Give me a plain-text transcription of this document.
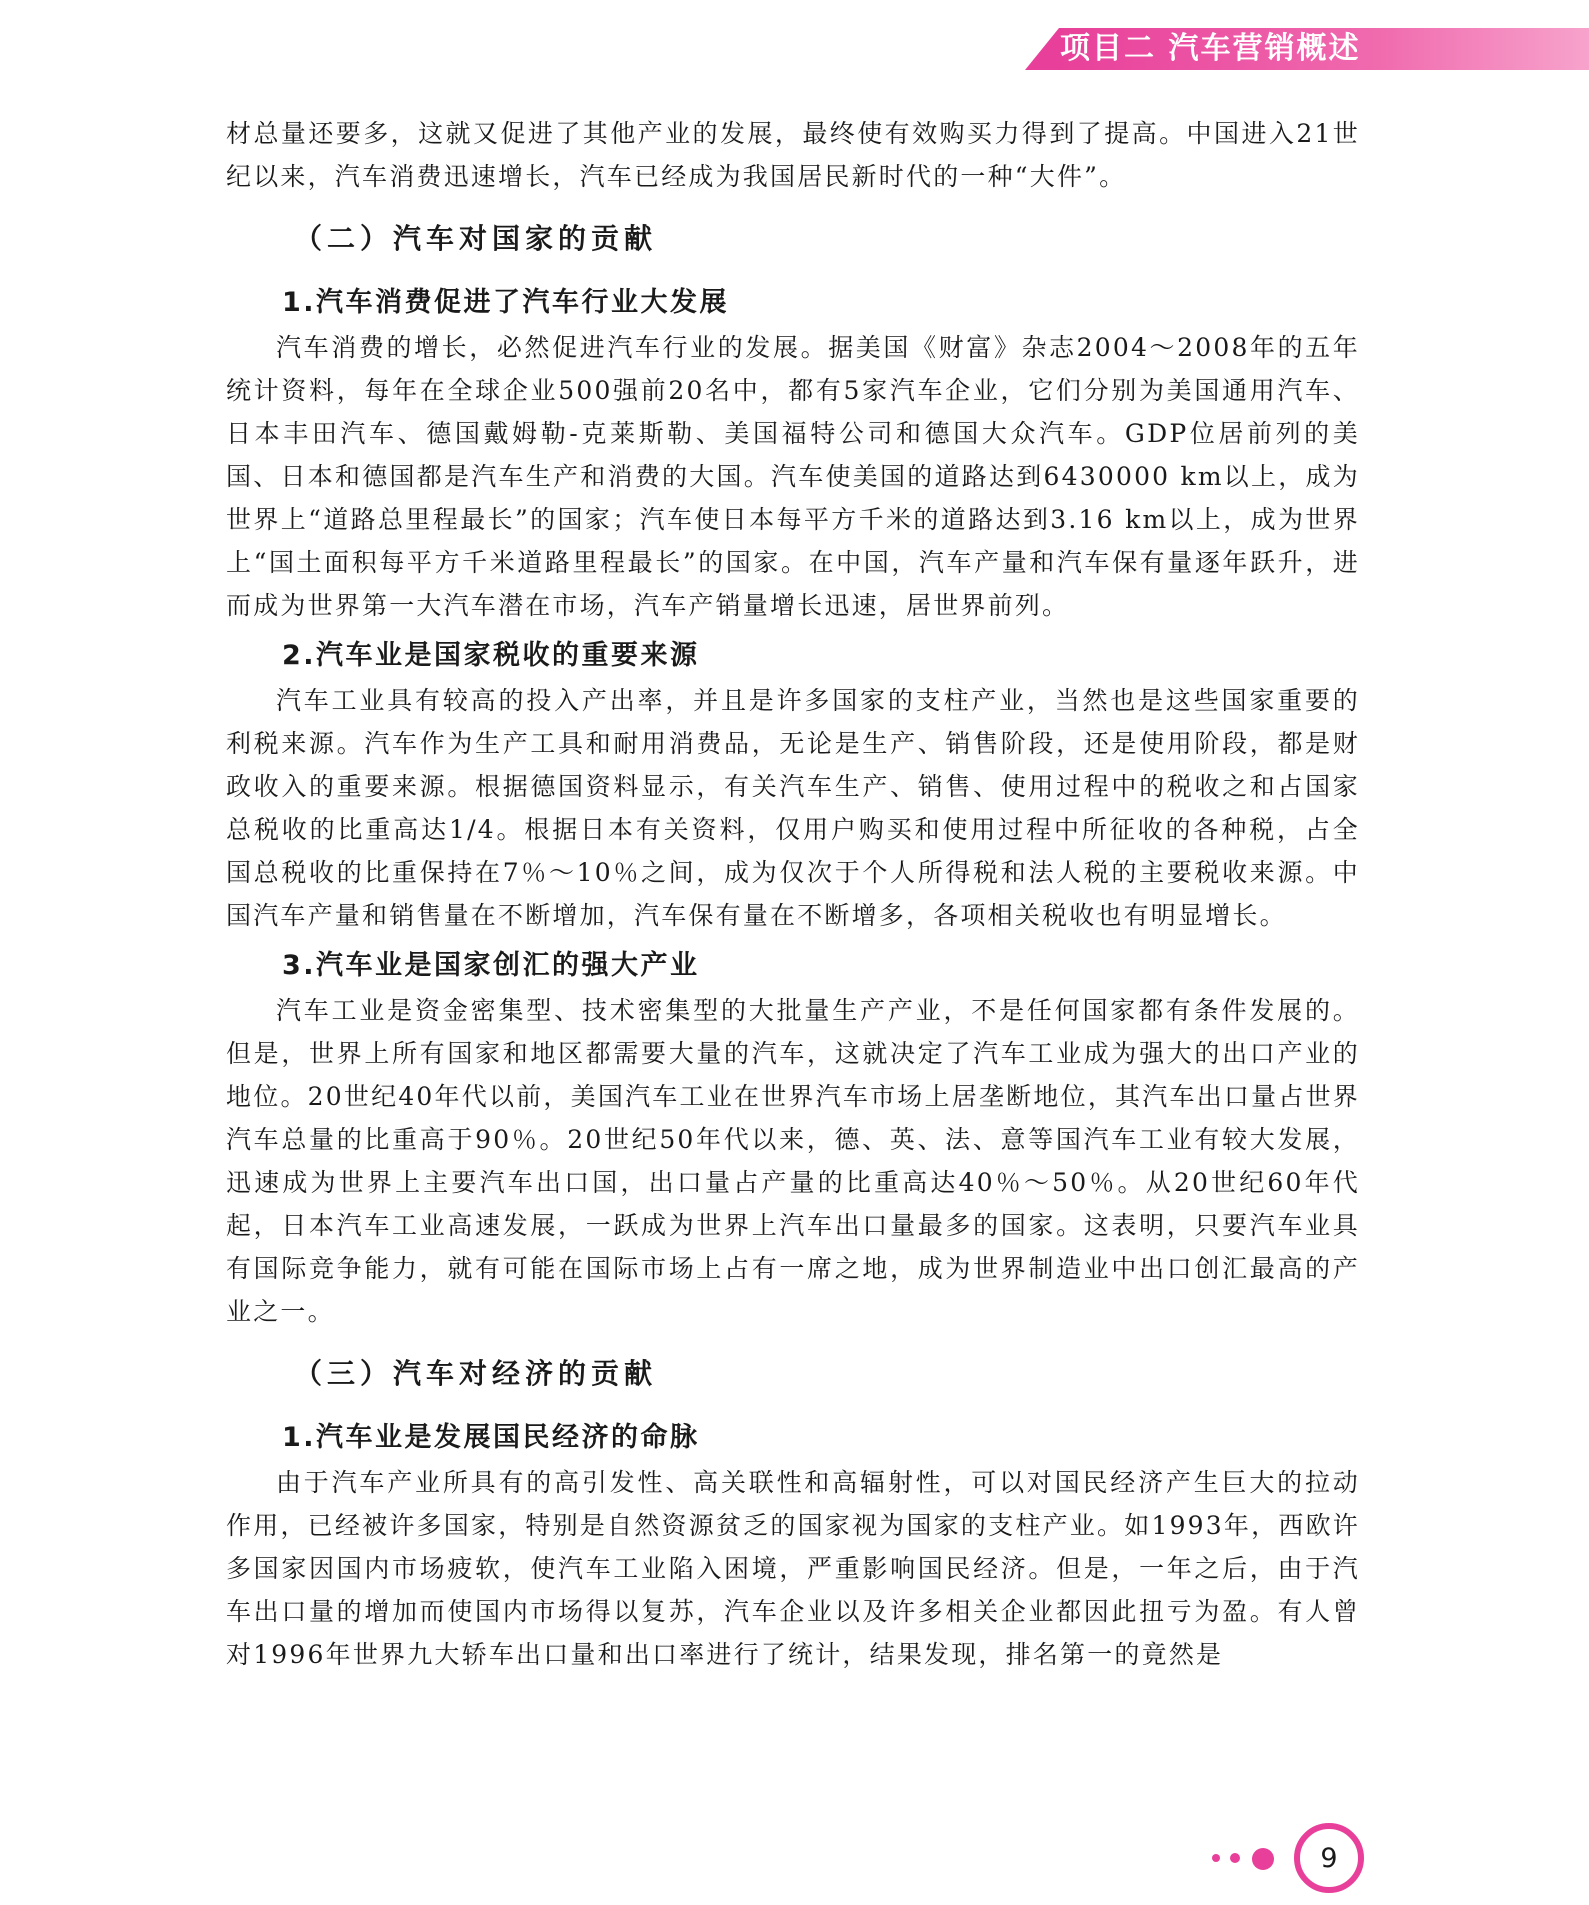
项目二 汽车营销概述

材总量还要多，这就又促进了其他产业的发展，最终使有效购买力得到了提高。中国进入21世纪以来，汽车消费迅速增长，汽车已经成为我国居民新时代的一种“大件”。

（二）汽车对国家的贡献
1.汽车消费促进了汽车行业大发展

汽车消费的增长，必然促进汽车行业的发展。据美国《财富》杂志2004～2008年的五年统计资料，每年在全球企业500强前20名中，都有5家汽车企业，它们分别为美国通用汽车、日本丰田汽车、德国戴姆勒-克莱斯勒、美国福特公司和德国大众汽车。GDP位居前列的美国、日本和德国都是汽车生产和消费的大国。汽车使美国的道路达到6430000 km以上，成为世界上“道路总里程最长”的国家；汽车使日本每平方千米的道路达到3.16 km以上，成为世界上“国土面积每平方千米道路里程最长”的国家。在中国，汽车产量和汽车保有量逐年跃升，进而成为世界第一大汽车潜在市场，汽车产销量增长迅速，居世界前列。

2.汽车业是国家税收的重要来源

汽车工业具有较高的投入产出率，并且是许多国家的支柱产业，当然也是这些国家重要的利税来源。汽车作为生产工具和耐用消费品，无论是生产、销售阶段，还是使用阶段，都是财政收入的重要来源。根据德国资料显示，有关汽车生产、销售、使用过程中的税收之和占国家总税收的比重高达1/4。根据日本有关资料，仅用户购买和使用过程中所征收的各种税，占全国总税收的比重保持在7％～10％之间，成为仅次于个人所得税和法人税的主要税收来源。中国汽车产量和销售量在不断增加，汽车保有量在不断增多，各项相关税收也有明显增长。

3.汽车业是国家创汇的强大产业

汽车工业是资金密集型、技术密集型的大批量生产产业，不是任何国家都有条件发展的。但是，世界上所有国家和地区都需要大量的汽车，这就决定了汽车工业成为强大的出口产业的地位。20世纪40年代以前，美国汽车工业在世界汽车市场上居垄断地位，其汽车出口量占世界汽车总量的比重高于90％。20世纪50年代以来，德、英、法、意等国汽车工业有较大发展，迅速成为世界上主要汽车出口国，出口量占产量的比重高达40％～50％。从20世纪60年代起，日本汽车工业高速发展，一跃成为世界上汽车出口量最多的国家。这表明，只要汽车业具有国际竞争能力，就有可能在国际市场上占有一席之地，成为世界制造业中出口创汇最高的产业之一。

（三）汽车对经济的贡献
1.汽车业是发展国民经济的命脉

由于汽车产业所具有的高引发性、高关联性和高辐射性，可以对国民经济产生巨大的拉动作用，已经被许多国家，特别是自然资源贫乏的国家视为国家的支柱产业。如1993年，西欧许多国家因国内市场疲软，使汽车工业陷入困境，严重影响国民经济。但是，一年之后，由于汽车出口量的增加而使国内市场得以复苏，汽车企业以及许多相关企业都因此扭亏为盈。有人曾对1996年世界九大轿车出口量和出口率进行了统计，结果发现，排名第一的竟然是

9
